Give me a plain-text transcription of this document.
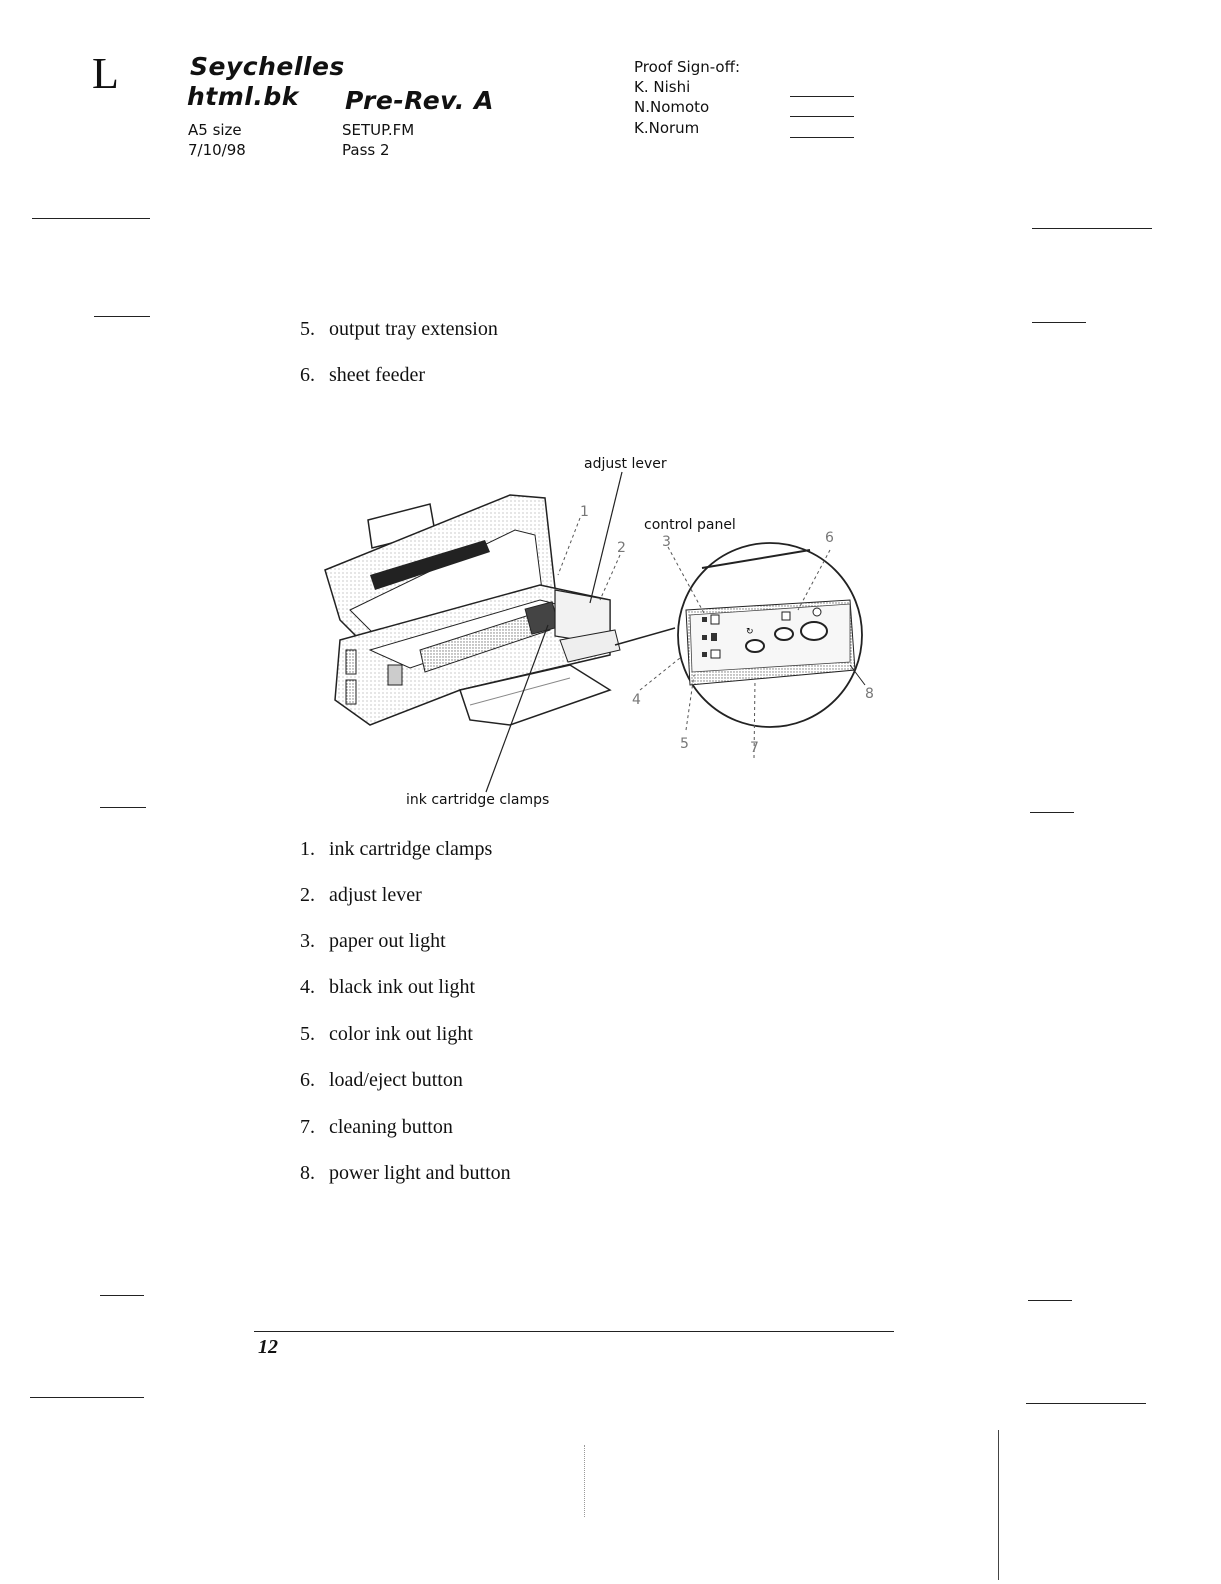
L	Seychelles
html.bk Pre-Rev. A
A5 size
7/10/98
SETUP.FM
Pass 2
Proof Sign-off:
K. Nishi
N.Nomoto
K.Norum
5. output tray extension
6. sheet feeder
↻
1
2	3
4
5
6
7
8
adjust lever
control panel
ink cartridge clamps
1. ink cartridge clamps
2. adjust lever
3. paper out light
4. black ink out light
5. color ink out light
6. load/eject button
7. cleaning button
8. power light and button
12
